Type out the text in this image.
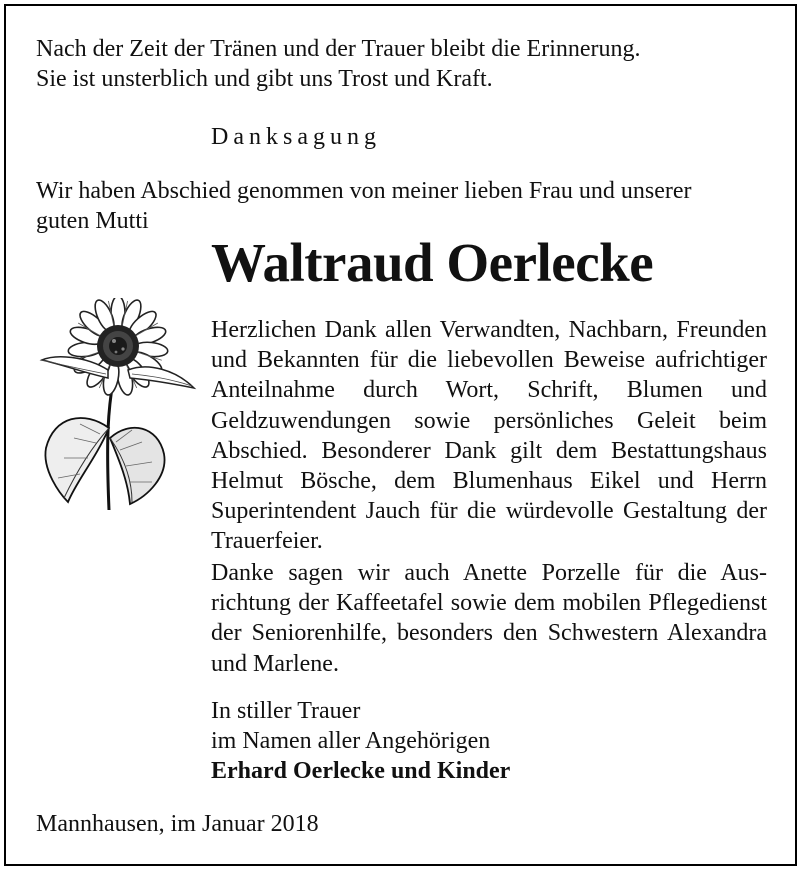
Nach der Zeit der Tränen und der Trauer bleibt die Erinnerung.
Sie ist unsterblich und gibt uns Trost und Kraft.
Danksagung
Wir haben Abschied genommen von meiner lieben Frau und unserer
guten Mutti
Waltraud Oerlecke

Herzlichen Dank allen Verwandten, Nachbarn, Freunden und Bekannten für die liebevollen Beweise aufrichtiger Anteilnahme durch Wort, Schrift, Blumen und Geldzuwendungen sowie persönliches Geleit beim Abschied. Besonderer Dank gilt dem Bestattungshaus Helmut Bösche, dem Blumenhaus Eikel und Herrn Superintendent Jauch für die würdevolle Gestaltung der Trauerfeier.

Danke sagen wir auch Anette Porzelle für die Ausrichtung der Kaffeetafel sowie dem mobilen Pflegedienst der Seniorenhilfe, besonders den Schwestern Alexandra und Marlene.

In stiller Trauer
im Namen aller Angehörigen
Erhard Oerlecke und Kinder
Mannhausen, im Januar 2018
